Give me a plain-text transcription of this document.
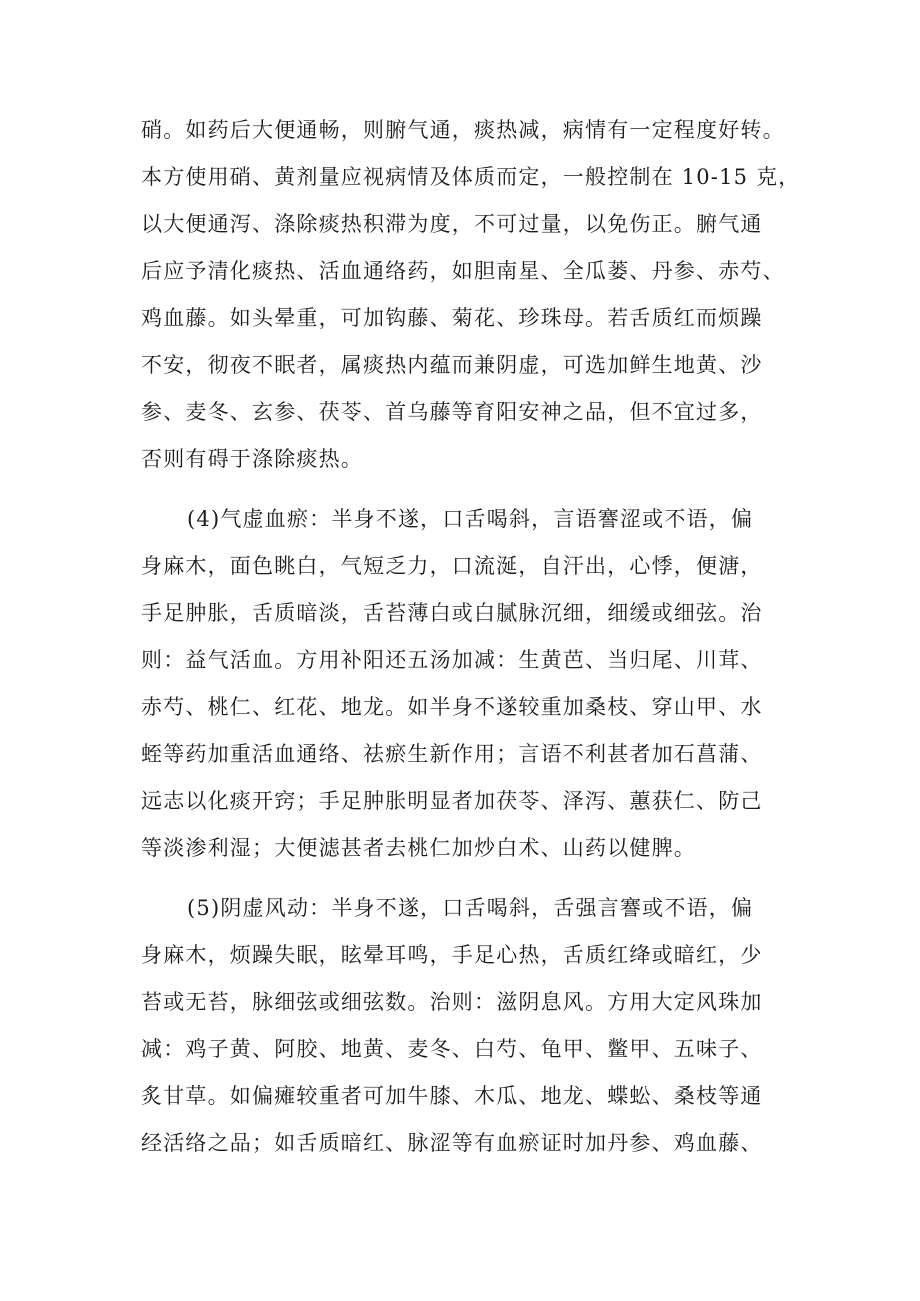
硝。如药后大便通畅，则腑气通，痰热减，病情有一定程度好转。
本方使用硝、黄剂量应视病情及体质而定，一般控制在 10-15 克，
以大便通泻、涤除痰热积滞为度，不可过量，以免伤正。腑气通
后应予清化痰热、活血通络药，如胆南星、全瓜蒌、丹参、赤芍、
鸡血藤。如头晕重，可加钩藤、菊花、珍珠母。若舌质红而烦躁
不安，彻夜不眠者，属痰热内蕴而兼阴虚，可选加鲜生地黄、沙
参、麦冬、玄参、茯苓、首乌藤等育阳安神之品，但不宜过多，
否则有碍于涤除痰热。
(4)气虚血瘀：半身不遂，口舌喝斜，言语謇涩或不语，偏
身麻木，面色眺白，气短乏力，口流涎，自汗出，心悸，便溏，
手足肿胀，舌质暗淡，舌苔薄白或白腻脉沉细，细缓或细弦。治
则：益气活血。方用补阳还五汤加减：生黄芭、当归尾、川茸、
赤芍、桃仁、红花、地龙。如半身不遂较重加桑枝、穿山甲、水
蛭等药加重活血通络、祛瘀生新作用；言语不利甚者加石菖蒲、
远志以化痰开窍；手足肿胀明显者加茯苓、泽泻、蕙获仁、防己
等淡渗利湿；大便滤甚者去桃仁加炒白术、山药以健脾。
(5)阴虚风动：半身不遂，口舌喝斜，舌强言謇或不语，偏
身麻木，烦躁失眠，眩晕耳鸣，手足心热，舌质红绛或暗红，少
苔或无苔，脉细弦或细弦数。治则：滋阴息风。方用大定风珠加
减：鸡子黄、阿胶、地黄、麦冬、白芍、龟甲、鳖甲、五味子、
炙甘草。如偏瘫较重者可加牛膝、木瓜、地龙、蝶蚣、桑枝等通
经活络之品；如舌质暗红、脉涩等有血瘀证时加丹参、鸡血藤、
